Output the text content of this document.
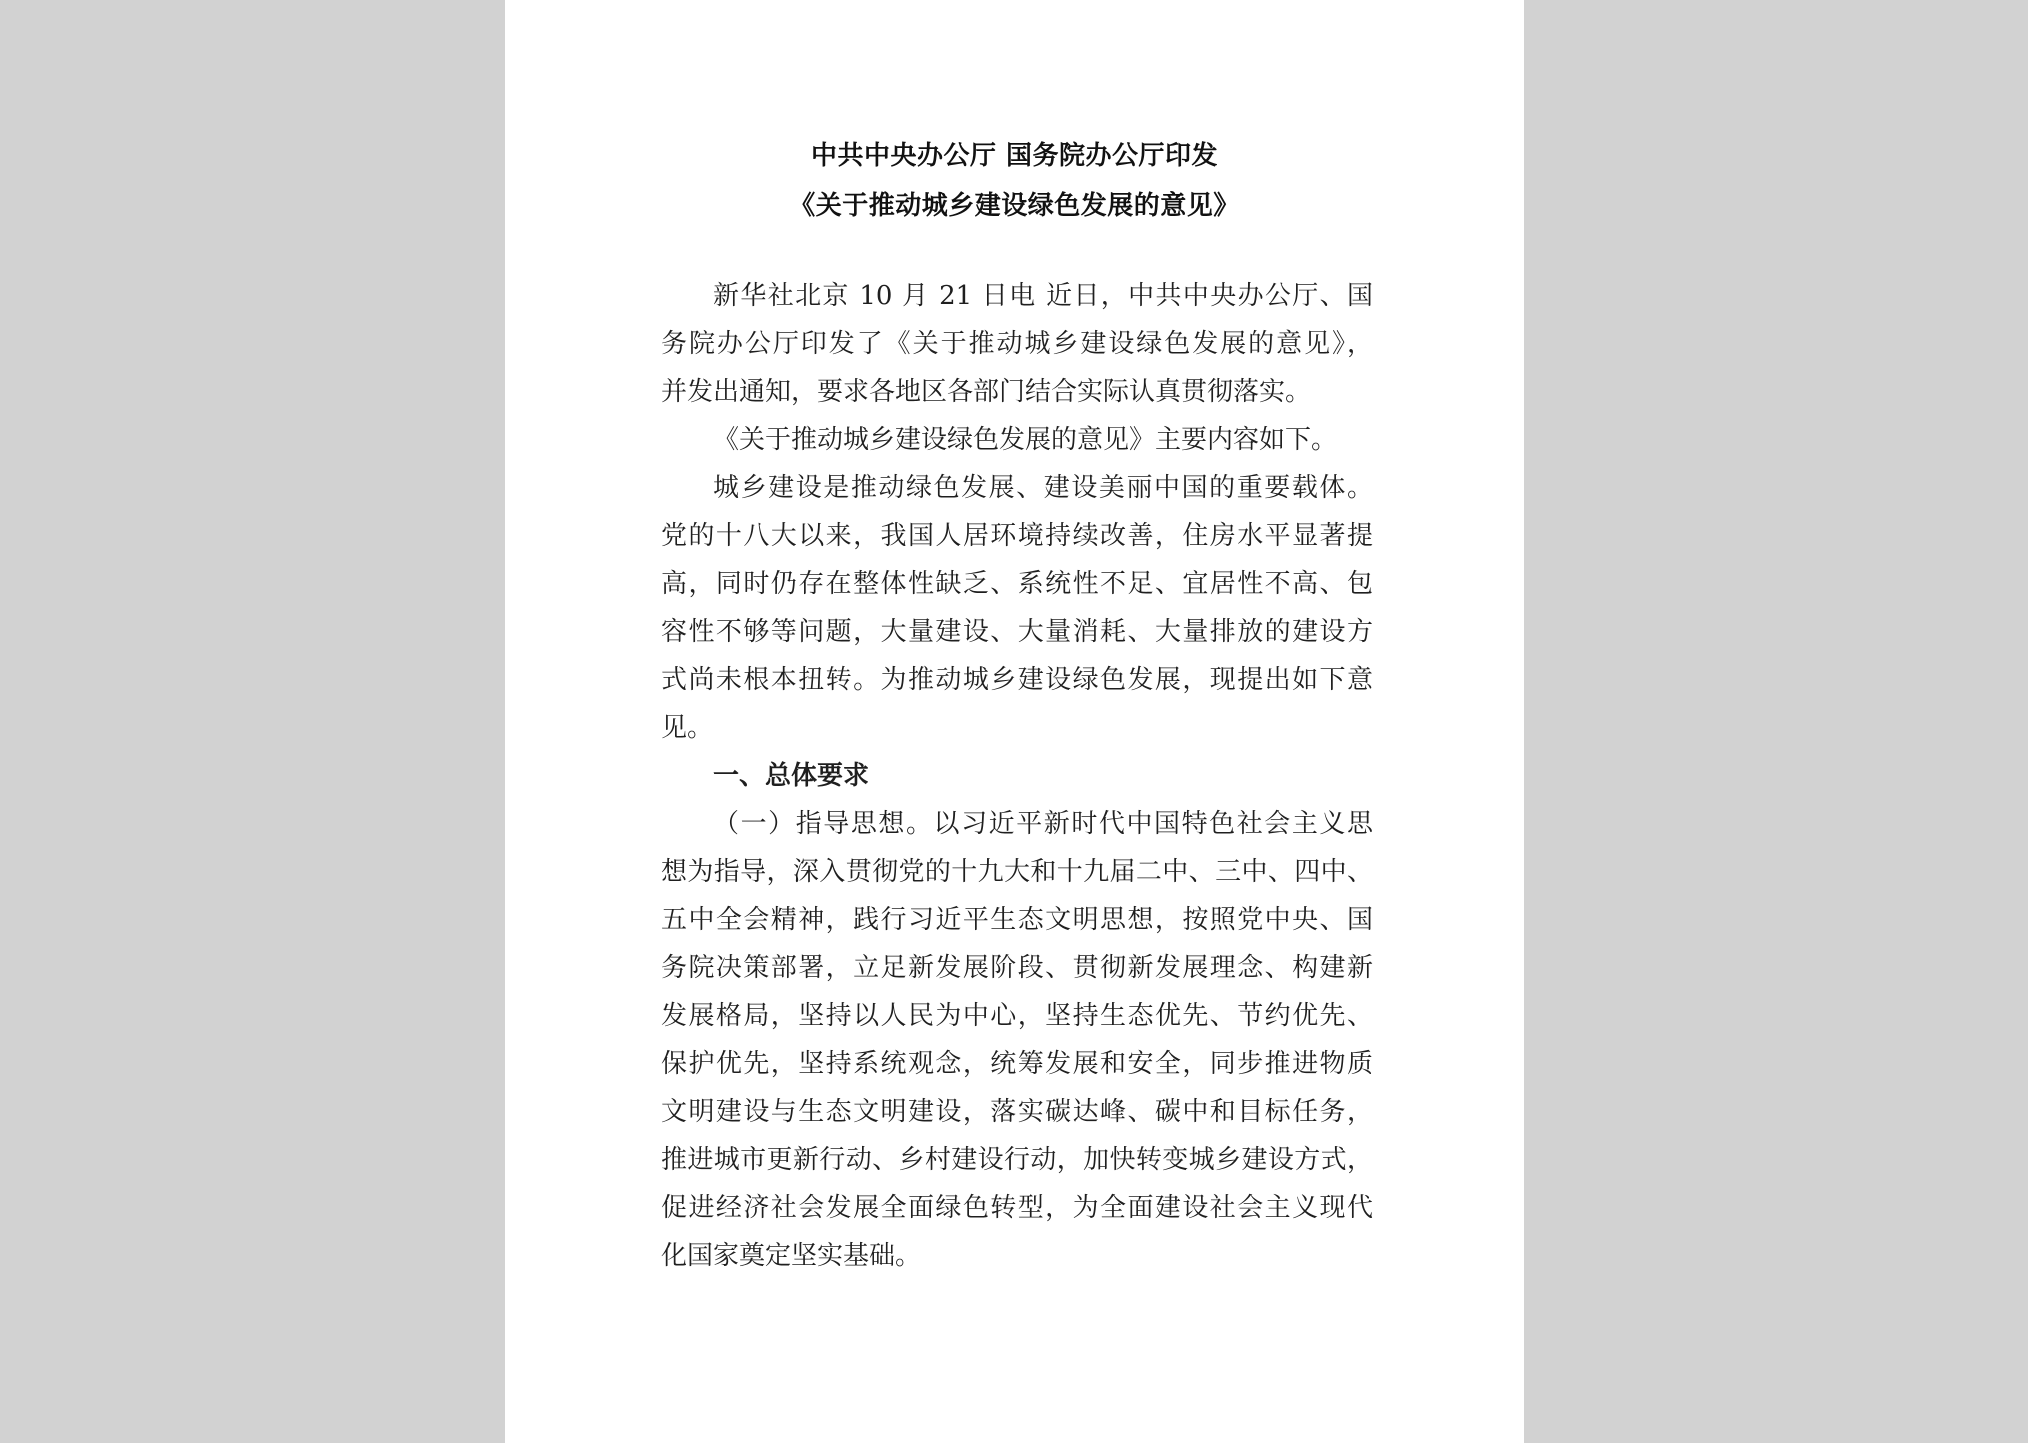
中共中央办公厅 国务院办公厅印发
《关于推动城乡建设绿色发展的意见》
新华社北京 10 月 21 日电 近日，中共中央办公厅、国
务院办公厅印发了《关于推动城乡建设绿色发展的意见》，
并发出通知，要求各地区各部门结合实际认真贯彻落实。
《关于推动城乡建设绿色发展的意见》主要内容如下。
城乡建设是推动绿色发展、建设美丽中国的重要载体。
党的十八大以来，我国人居环境持续改善，住房水平显著提
高，同时仍存在整体性缺乏、系统性不足、宜居性不高、包
容性不够等问题，大量建设、大量消耗、大量排放的建设方
式尚未根本扭转。为推动城乡建设绿色发展，现提出如下意
见。
一、总体要求
（一）指导思想。以习近平新时代中国特色社会主义思
想为指导，深入贯彻党的十九大和十九届二中、三中、四中、
五中全会精神，践行习近平生态文明思想，按照党中央、国
务院决策部署，立足新发展阶段、贯彻新发展理念、构建新
发展格局，坚持以人民为中心，坚持生态优先、节约优先、
保护优先，坚持系统观念，统筹发展和安全，同步推进物质
文明建设与生态文明建设，落实碳达峰、碳中和目标任务，
推进城市更新行动、乡村建设行动，加快转变城乡建设方式，
促进经济社会发展全面绿色转型，为全面建设社会主义现代
化国家奠定坚实基础。
